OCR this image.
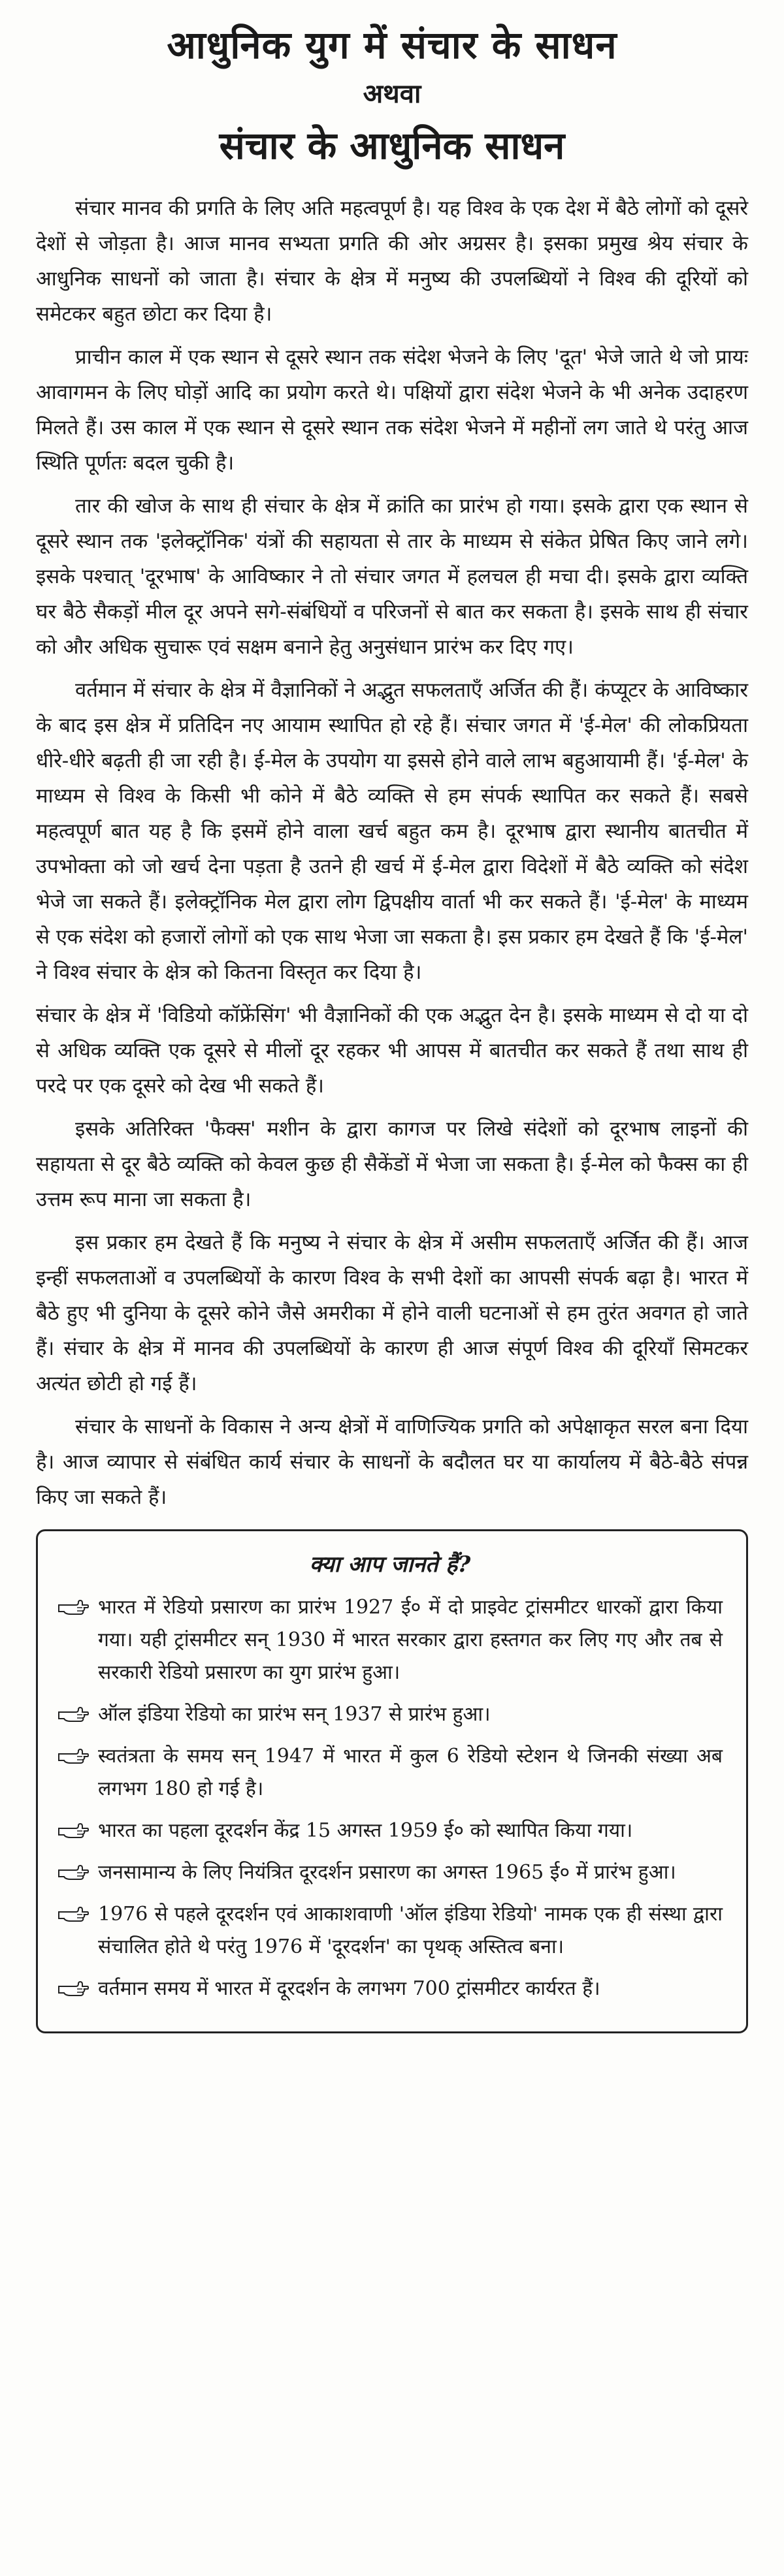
आधुनिक युग में संचार के साधन
अथवा
संचार के आधुनिक साधन

संचार मानव की प्रगति के लिए अति महत्वपूर्ण है। यह विश्व के एक देश में बैठे लोगों को दूसरे देशों से जोड़ता है। आज मानव सभ्यता प्रगति की ओर अग्रसर है। इसका प्रमुख श्रेय संचार के आधुनिक साधनों को जाता है। संचार के क्षेत्र में मनुष्य की उपलब्धियों ने विश्व की दूरियों को समेटकर बहुत छोटा कर दिया है।

प्राचीन काल में एक स्थान से दूसरे स्थान तक संदेश भेजने के लिए 'दूत' भेजे जाते थे जो प्रायः आवागमन के लिए घोड़ों आदि का प्रयोग करते थे। पक्षियों द्वारा संदेश भेजने के भी अनेक उदाहरण मिलते हैं। उस काल में एक स्थान से दूसरे स्थान तक संदेश भेजने में महीनों लग जाते थे परंतु आज स्थिति पूर्णतः बदल चुकी है।

तार की खोज के साथ ही संचार के क्षेत्र में क्रांति का प्रारंभ हो गया। इसके द्वारा एक स्थान से दूसरे स्थान तक 'इलेक्ट्रॉनिक' यंत्रों की सहायता से तार के माध्यम से संकेत प्रेषित किए जाने लगे। इसके पश्चात् 'दूरभाष' के आविष्कार ने तो संचार जगत में हलचल ही मचा दी। इसके द्वारा व्यक्ति घर बैठे सैकड़ों मील दूर अपने सगे-संबंधियों व परिजनों से बात कर सकता है। इसके साथ ही संचार को और अधिक सुचारू एवं सक्षम बनाने हेतु अनुसंधान प्रारंभ कर दिए गए।

वर्तमान में संचार के क्षेत्र में वैज्ञानिकों ने अद्भुत सफलताएँ अर्जित की हैं। कंप्यूटर के आविष्कार के बाद इस क्षेत्र में प्रतिदिन नए आयाम स्थापित हो रहे हैं। संचार जगत में 'ई-मेल' की लोकप्रियता धीरे-धीरे बढ़ती ही जा रही है। ई-मेल के उपयोग या इससे होने वाले लाभ बहुआयामी हैं। 'ई-मेल' के माध्यम से विश्व के किसी भी कोने में बैठे व्यक्ति से हम संपर्क स्थापित कर सकते हैं। सबसे महत्वपूर्ण बात यह है कि इसमें होने वाला खर्च बहुत कम है। दूरभाष द्वारा स्थानीय बातचीत में उपभोक्ता को जो खर्च देना पड़ता है उतने ही खर्च में ई-मेल द्वारा विदेशों में बैठे व्यक्ति को संदेश भेजे जा सकते हैं। इलेक्ट्रॉनिक मेल द्वारा लोग द्विपक्षीय वार्ता भी कर सकते हैं। 'ई-मेल' के माध्यम से एक संदेश को हजारों लोगों को एक साथ भेजा जा सकता है। इस प्रकार हम देखते हैं कि 'ई-मेल' ने विश्व संचार के क्षेत्र को कितना विस्तृत कर दिया है।

संचार के क्षेत्र में 'विडियो कॉफ्रेंसिंग' भी वैज्ञानिकों की एक अद्भुत देन है। इसके माध्यम से दो या दो से अधिक व्यक्ति एक दूसरे से मीलों दूर रहकर भी आपस में बातचीत कर सकते हैं तथा साथ ही परदे पर एक दूसरे को देख भी सकते हैं।

इसके अतिरिक्त 'फैक्स' मशीन के द्वारा कागज पर लिखे संदेशों को दूरभाष लाइनों की सहायता से दूर बैठे व्यक्ति को केवल कुछ ही सैकेंडों में भेजा जा सकता है। ई-मेल को फैक्स का ही उत्तम रूप माना जा सकता है।

इस प्रकार हम देखते हैं कि मनुष्य ने संचार के क्षेत्र में असीम सफलताएँ अर्जित की हैं। आज इन्हीं सफलताओं व उपलब्धियों के कारण विश्व के सभी देशों का आपसी संपर्क बढ़ा है। भारत में बैठे हुए भी दुनिया के दूसरे कोने जैसे अमरीका में होने वाली घटनाओं से हम तुरंत अवगत हो जाते हैं। संचार के क्षेत्र में मानव की उपलब्धियों के कारण ही आज संपूर्ण विश्व की दूरियाँ सिमटकर अत्यंत छोटी हो गई हैं।

संचार के साधनों के विकास ने अन्य क्षेत्रों में वाणिज्यिक प्रगति को अपेक्षाकृत सरल बना दिया है। आज व्यापार से संबंधित कार्य संचार के साधनों के बदौलत घर या कार्यालय में बैठे-बैठे संपन्न किए जा सकते हैं।

क्या आप जानते हैं?
भारत में रेडियो प्रसारण का प्रारंभ 1927 ई० में दो प्राइवेट ट्रांसमीटर धारकों द्वारा किया गया। यही ट्रांसमीटर सन् 1930 में भारत सरकार द्वारा हस्तगत कर लिए गए और तब से सरकारी रेडियो प्रसारण का युग प्रारंभ हुआ।
ऑल इंडिया रेडियो का प्रारंभ सन् 1937 से प्रारंभ हुआ।
स्वतंत्रता के समय सन् 1947 में भारत में कुल 6 रेडियो स्टेशन थे जिनकी संख्या अब लगभग 180 हो गई है।
भारत का पहला दूरदर्शन केंद्र 15 अगस्त 1959 ई० को स्थापित किया गया।
जनसामान्य के लिए नियंत्रित दूरदर्शन प्रसारण का अगस्त 1965 ई० में प्रारंभ हुआ।
1976 से पहले दूरदर्शन एवं आकाशवाणी 'ऑल इंडिया रेडियो' नामक एक ही संस्था द्वारा संचालित होते थे परंतु 1976 में 'दूरदर्शन' का पृथक् अस्तित्व बना।
वर्तमान समय में भारत में दूरदर्शन के लगभग 700 ट्रांसमीटर कार्यरत हैं।
